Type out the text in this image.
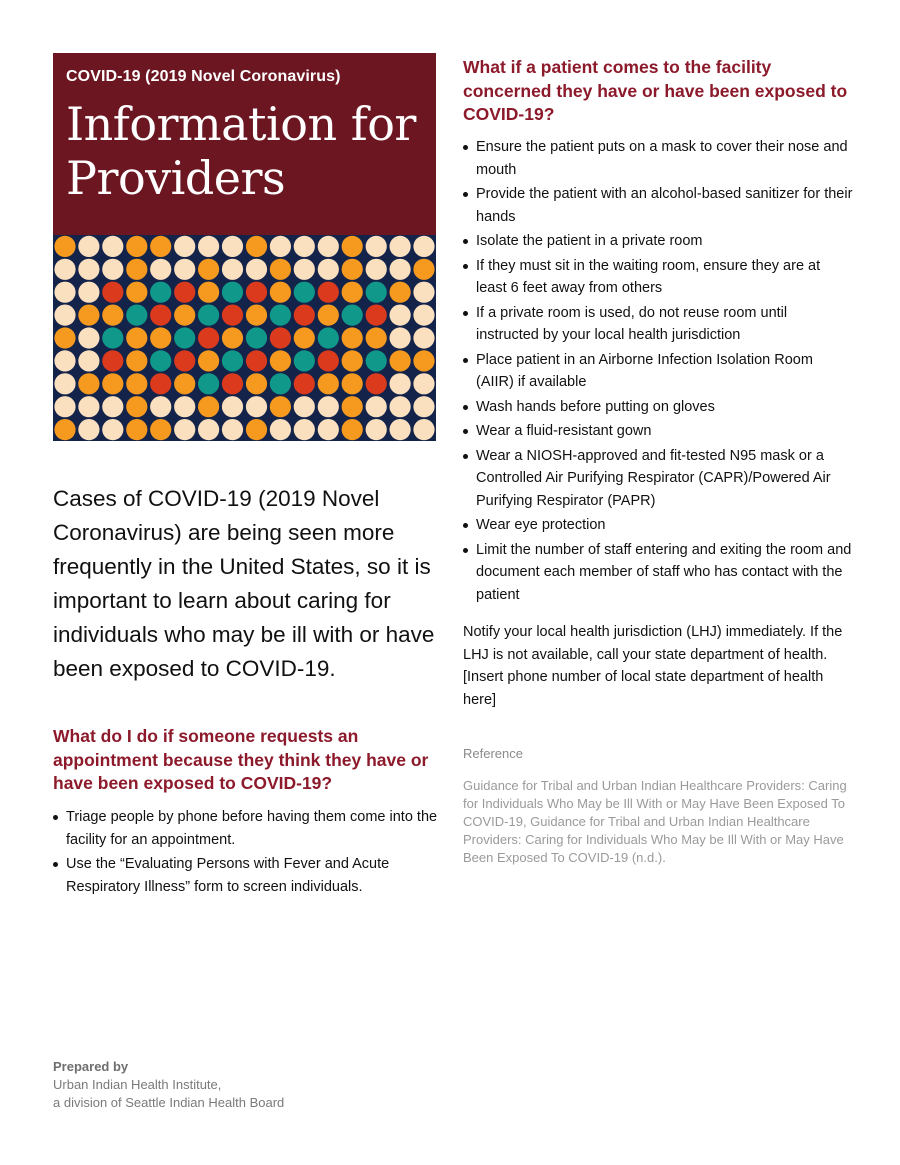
COVID-19 (2019 Novel Coronavirus)
Information for
Providers
Cases of COVID-19 (2019 Novel Coronavirus) are being seen more frequently in the United States, so it is important to learn about caring for individuals who may be ill with or have been exposed to COVID-19.
What do I do if someone requests an appointment because they think they have or have been exposed to COVID-19?
Triage people by phone before having them come into the facility for an appointment.
Use the “Evaluating Persons with Fever and Acute Respiratory Illness” form to screen individuals.
What if a patient comes to the facility concerned they have or have been exposed to COVID-19?
Ensure the patient puts on a mask to cover their nose and mouth
Provide the patient with an alcohol-based sanitizer for their hands
Isolate the patient in a private room
If they must sit in the waiting room, ensure they are at least 6 feet away from others
If a private room is used, do not reuse room until instructed by your local health jurisdiction
Place patient in an Airborne Infection Isolation Room (AIIR) if available
Wash hands before putting on gloves
Wear a fluid-resistant gown
Wear a NIOSH-approved and fit-tested N95 mask or a Controlled Air Purifying Respirator (CAPR)/Powered Air Purifying Respirator (PAPR)
Wear eye protection
Limit the number of staff entering and exiting the room and document each member of staff who has contact with the patient

Notify your local health jurisdiction (LHJ) immediately. If the LHJ is not available, call your state department of health. [Insert phone number of local state department of health here]

Reference

Guidance for Tribal and Urban Indian Healthcare Providers: Caring for Individuals Who May be Ill With or May Have Been Exposed To COVID-19, Guidance for Tribal and Urban Indian Healthcare Providers: Caring for Individuals Who May be Ill With or May Have Been Exposed To COVID-19 (n.d.).

Prepared by
Urban Indian Health Institute,
a division of Seattle Indian Health Board
